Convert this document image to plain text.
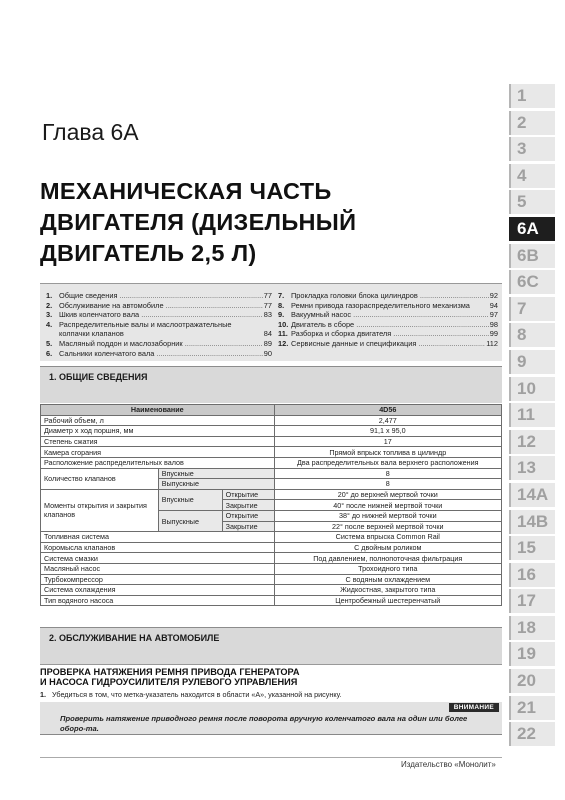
1
2
3
4
5
6A
6B
6C
7
8
9
10
11
12
13
14A
14B
15
16
17
18
19
20
21
22
Глава 6А
МЕХАНИЧЕСКАЯ ЧАСТЬ
ДВИГАТЕЛЯ (ДИЗЕЛЬНЫЙ
ДВИГАТЕЛЬ 2,5 Л)
1. Общие сведения .....	77
2. Обслуживание на автомобиле .....	77
3. Шкив коленчатого вала .....	83
4. Распределительные валы и маслоотражательные колпачки клапанов	84
5. Масляный поддон и маслозаборник .....	89
6. Сальники коленчатого вала .....	90
7. Прокладка головки блока цилиндров .....	92
8. Ремни привода газораспределительного механизма	94
9. Вакуумный насос .....	97
10. Двигатель в сборе .....	98
11. Разборка и сборка двигателя .....	99
12. Сервисные данные и спецификация .....	112
1. ОБЩИЕ СВЕДЕНИЯ
Наименование			4D56
Рабочий объем, л			2,477
Диаметр х ход поршня, мм			91,1 х 95,0
Степень сжатия			17
Камера сгорания			Прямой впрыск топлива в цилиндр
Расположение распределительных валов			Два распределительных вала верхнего расположения
Количество клапанов	Впускные		8
	Выпускные		8
Моменты открытия и закрытия клапанов	Впускные	Открытие	20° до верхней мертвой точки
		Закрытие	40° после нижней мертвой точки
	Выпускные	Открытие	38° до нижней мертвой точки
		Закрытие	22° после верхней мертвой точки
Топливная система			Система впрыска Common Rail
Коромысла клапанов			С двойным роликом
Система смазки			Под давлением, полнопоточная фильтрация
Масляный насос			Трохоидного типа
Турбокомпрессор			С водяным охлаждением
Система охлаждения			Жидкостная, закрытого типа
Тип водяного насоса			Центробежный шестеренчатый
2. ОБСЛУЖИВАНИЕ НА АВТОМОБИЛЕ
ПРОВЕРКА НАТЯЖЕНИЯ РЕМНЯ ПРИВОДА ГЕНЕРАТОРА
И НАСОСА ГИДРОУСИЛИТЕЛЯ РУЛЕВОГО УПРАВЛЕНИЯ
1. Убедиться в том, что метка-указатель находится в области «А», указанной на рисунку.
ВНИМАНИЕ
Проверить натяжение приводного ремня после поворота вручную коленчатого вала на один или более оборо-та.
Издательство «Монолит»
